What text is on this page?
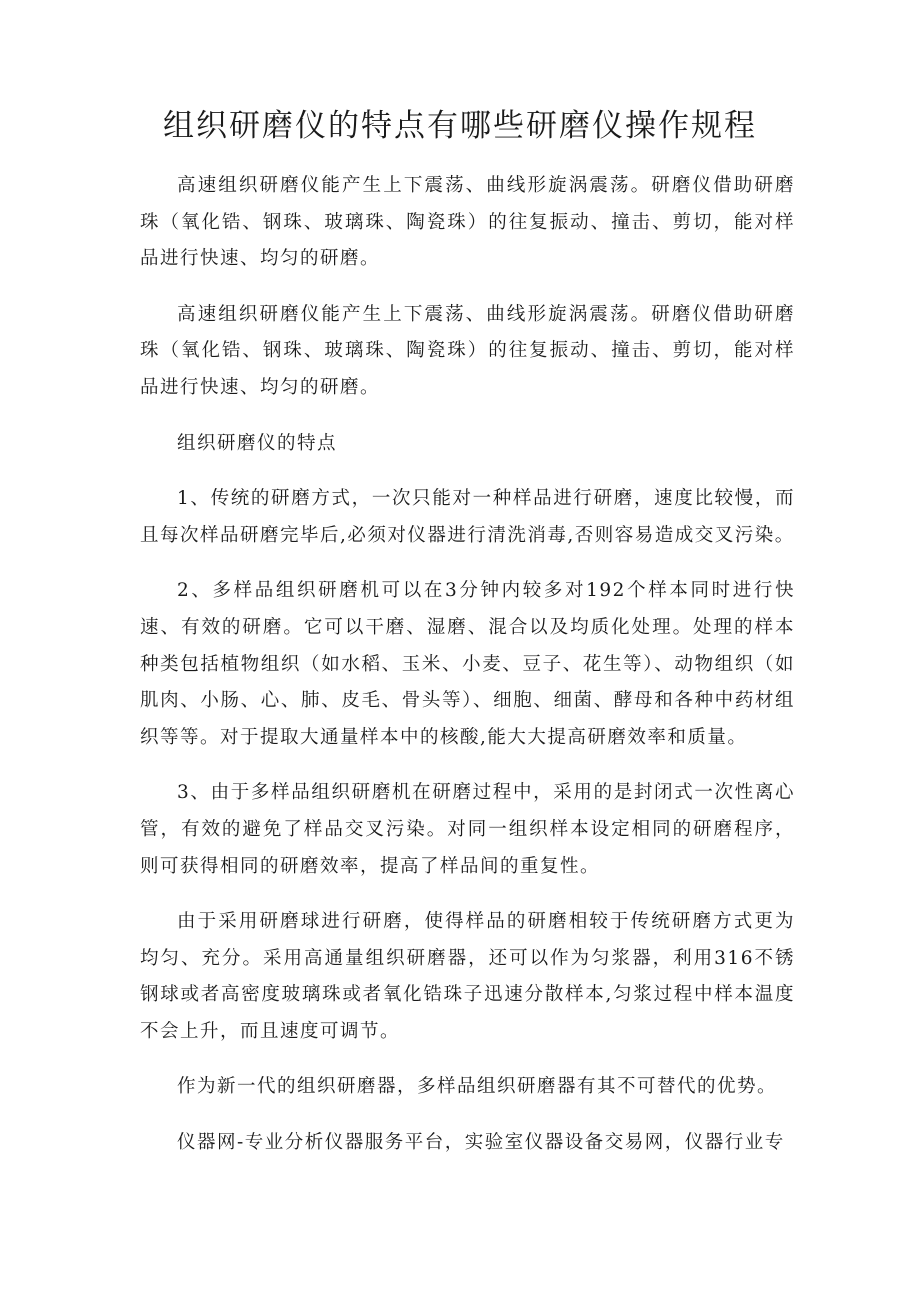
组织研磨仪的特点有哪些研磨仪操作规程

高速组织研磨仪能产生上下震荡、曲线形旋涡震荡。研磨仪借助研磨珠（氧化锆、钢珠、玻璃珠、陶瓷珠）的往复振动、撞击、剪切，能对样品进行快速、均匀的研磨。

高速组织研磨仪能产生上下震荡、曲线形旋涡震荡。研磨仪借助研磨珠（氧化锆、钢珠、玻璃珠、陶瓷珠）的往复振动、撞击、剪切，能对样品进行快速、均匀的研磨。

组织研磨仪的特点

1、传统的研磨方式，一次只能对一种样品进行研磨，速度比较慢，而且每次样品研磨完毕后,必须对仪器进行清洗消毒,否则容易造成交叉污染。

2、多样品组织研磨机可以在3分钟内较多对192个样本同时进行快速、有效的研磨。它可以干磨、湿磨、混合以及均质化处理。处理的样本种类包括植物组织（如水稻、玉米、小麦、豆子、花生等）、动物组织（如肌肉、小肠、心、肺、皮毛、骨头等）、细胞、细菌、酵母和各种中药材组织等等。对于提取大通量样本中的核酸,能大大提高研磨效率和质量。

3、由于多样品组织研磨机在研磨过程中，采用的是封闭式一次性离心管，有效的避免了样品交叉污染。对同一组织样本设定相同的研磨程序，则可获得相同的研磨效率，提高了样品间的重复性。

由于采用研磨球进行研磨，使得样品的研磨相较于传统研磨方式更为均匀、充分。采用高通量组织研磨器，还可以作为匀浆器，利用316不锈钢球或者高密度玻璃珠或者氧化锆珠子迅速分散样本,匀浆过程中样本温度不会上升，而且速度可调节。

作为新一代的组织研磨器，多样品组织研磨器有其不可替代的优势。

仪器网-专业分析仪器服务平台，实验室仪器设备交易网，仪器行业专
